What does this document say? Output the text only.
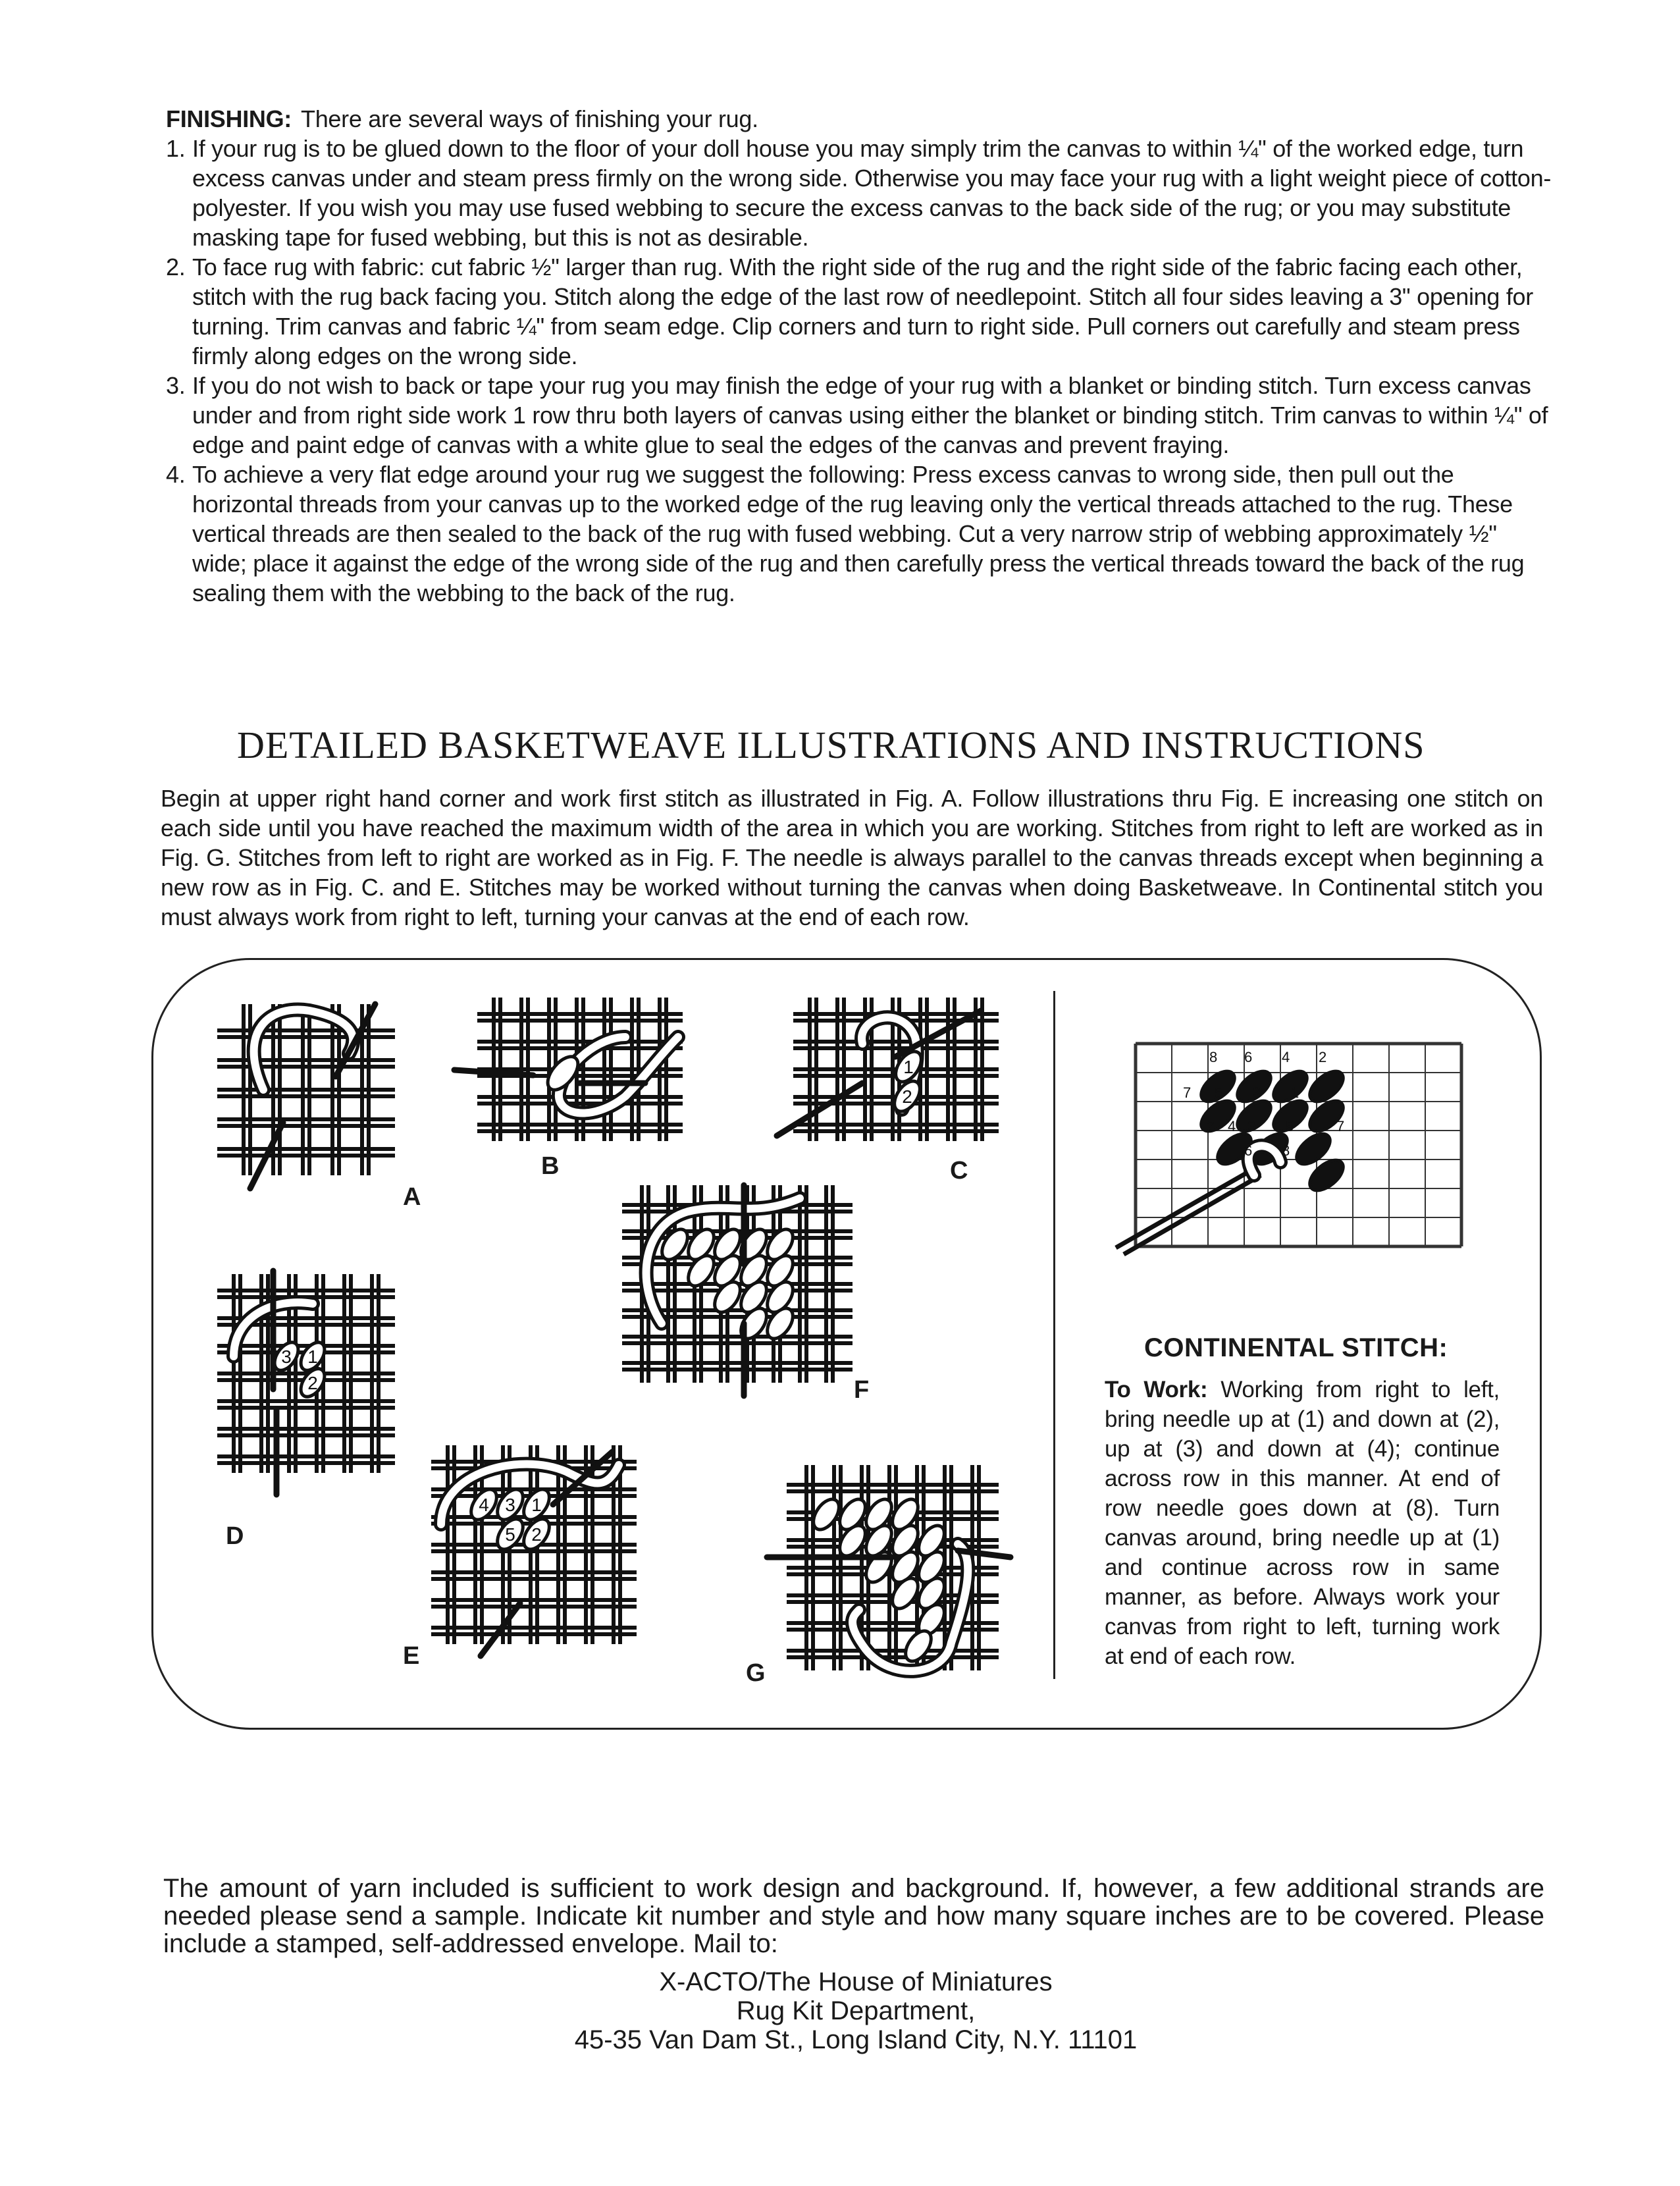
FINISHING: There are several ways of finishing your rug.
1. If your rug is to be glued down to the floor of your doll house you may simply trim the canvas to within ¼" of the worked edge, turn excess canvas under and steam press firmly on the wrong side. Otherwise you may face your rug with a light weight piece of cotton-polyester. If you wish you may use fused webbing to secure the excess canvas to the back side of the rug; or you may substitute masking tape for fused webbing, but this is not as desirable.
2. To face rug with fabric: cut fabric ½" larger than rug. With the right side of the rug and the right side of the fabric facing each other, stitch with the rug back facing you. Stitch along the edge of the last row of needlepoint. Stitch all four sides leaving a 3" opening for turning. Trim canvas and fabric ¼" from seam edge. Clip corners and turn to right side. Pull corners out carefully and steam press firmly along edges on the wrong side.
3. If you do not wish to back or tape your rug you may finish the edge of your rug with a blanket or binding stitch. Turn excess canvas under and from right side work 1 row thru both layers of canvas using either the blanket or binding stitch. Trim canvas to within ¼" of edge and paint edge of canvas with a white glue to seal the edges of the canvas and prevent fraying.
4. To achieve a very flat edge around your rug we suggest the following: Press excess canvas to wrong side, then pull out the horizontal threads from your canvas up to the worked edge of the rug leaving only the vertical threads attached to the rug. These vertical threads are then sealed to the back of the rug with fused webbing. Cut a very narrow strip of webbing approximately ½" wide; place it against the edge of the wrong side of the rug and then carefully press the vertical threads toward the back of the rug sealing them with the webbing to the back of the rug.
DETAILED BASKETWEAVE ILLUSTRATIONS AND INSTRUCTIONS
Begin at upper right hand corner and work first stitch as illustrated in Fig. A. Follow illustrations thru Fig. E increasing one stitch on each side until you have reached the maximum width of the area in which you are working. Stitches from right to left are worked as in Fig. G. Stitches from left to right are worked as in Fig. F. The needle is always parallel to the canvas threads except when beginning a new row as in Fig. C. and E. Stitches may be worked without turning the canvas when doing Basketweave. In Continental stitch you must always work from right to left, turning your canvas at the end of each row.
A
B
1
2
C
3 1
2
D
4 3 1
5 2
E
F
G
8 6 4 2
7 5 3 1
2 4 3 5	7
6 8
CONTINENTAL STITCH:
To Work: Working from right to left, bring needle up at (1) and down at (2), up at (3) and down at (4); continue across row in this manner. At end of row needle goes down at (8). Turn canvas around, bring needle up at (1) and continue across row in same manner, as before. Always work your canvas from right to left, turning work at end of each row.
The amount of yarn included is sufficient to work design and background. If, however, a few additional strands are needed please send a sample. Indicate kit number and style and how many square inches are to be covered. Please include a stamped, self-addressed envelope. Mail to:
X-ACTO/The House of Miniatures
Rug Kit Department,
45-35 Van Dam St., Long Island City, N.Y. 11101
